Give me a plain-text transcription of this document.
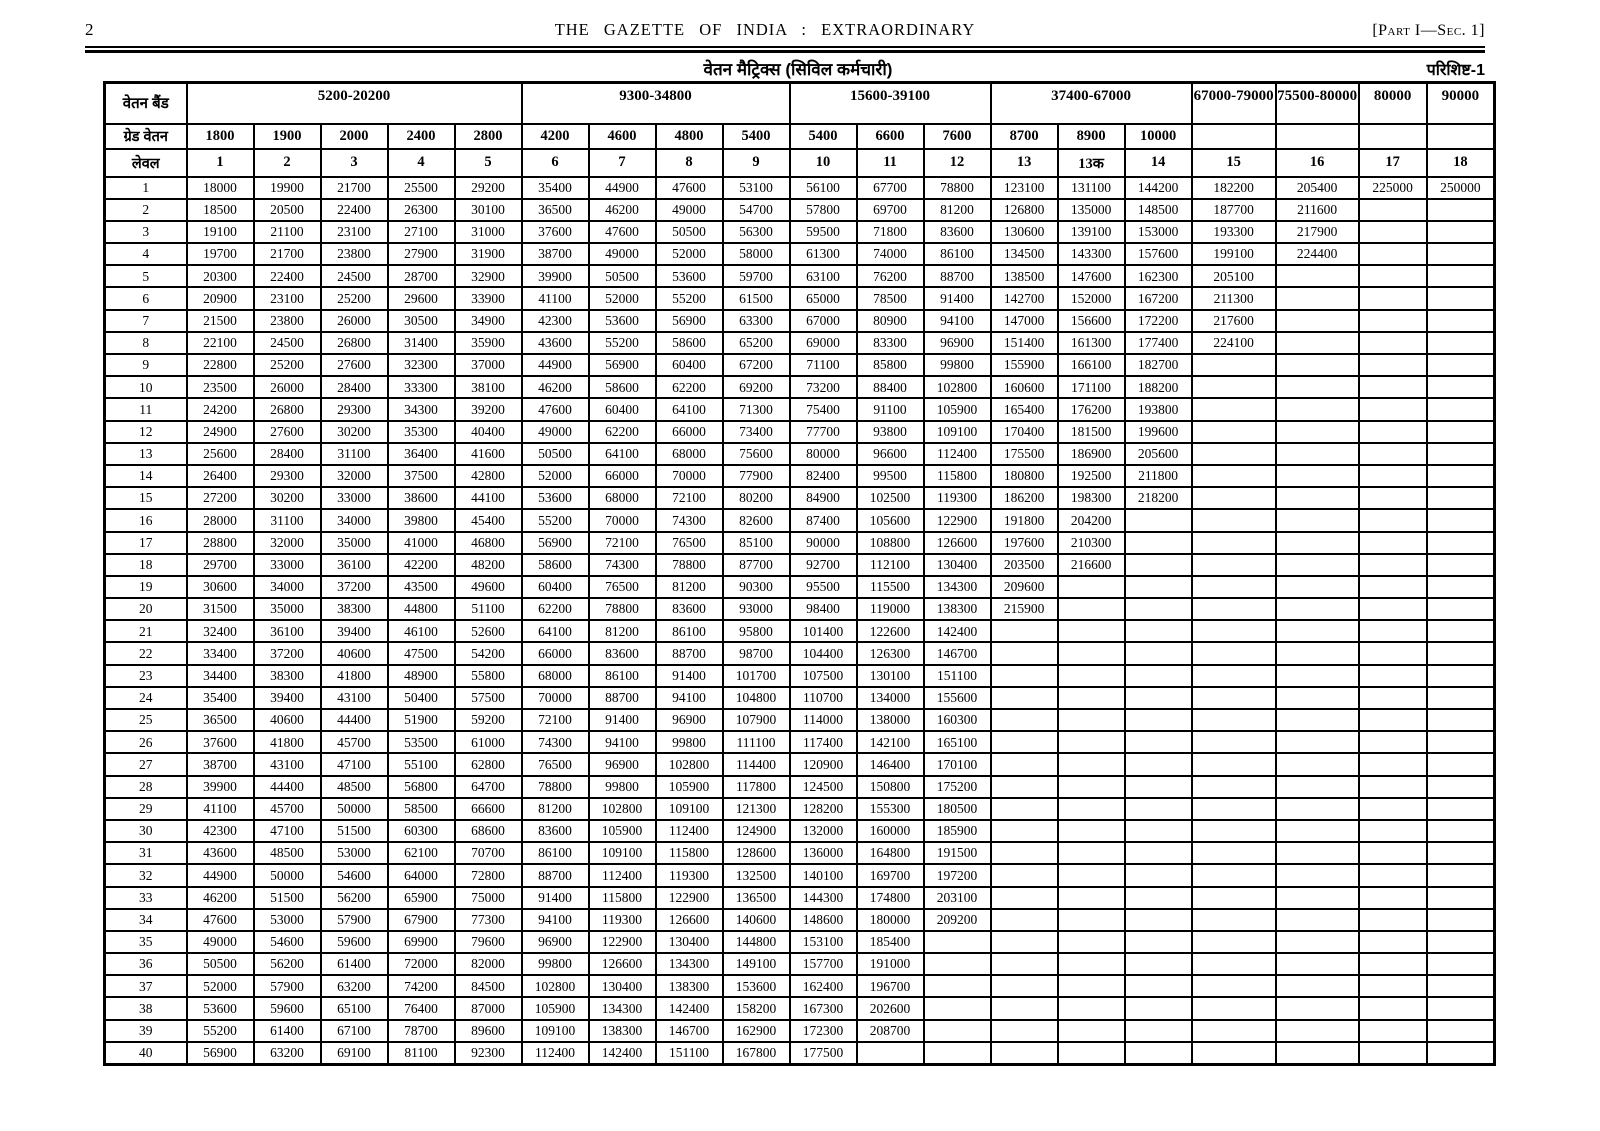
2	THE GAZETTE OF INDIA : EXTRAORDINARY	[Part I—Sec. 1]
वेतन मैट्रिक्स (सिविल कर्मचारी)	परिशिष्ट-1
वेतन बैंड	5200-20200					9300-34800				15600-39100			37400-67000			67000-79000	75500-80000	80000	90000
ग्रेड वेतन	1800	1900	2000	2400	2800	4200	4600	4800	5400	5400	6600	7600	8700	8900	10000				
लेवल	1	2	3	4	5	6	7	8	9	10	11	12	13	13क	14	15	16	17	18
1	18000	19900	21700	25500	29200	35400	44900	47600	53100	56100	67700	78800	123100	131100	144200	182200	205400	225000	250000
2	18500	20500	22400	26300	30100	36500	46200	49000	54700	57800	69700	81200	126800	135000	148500	187700	211600		
3	19100	21100	23100	27100	31000	37600	47600	50500	56300	59500	71800	83600	130600	139100	153000	193300	217900		
4	19700	21700	23800	27900	31900	38700	49000	52000	58000	61300	74000	86100	134500	143300	157600	199100	224400		
5	20300	22400	24500	28700	32900	39900	50500	53600	59700	63100	76200	88700	138500	147600	162300	205100			
6	20900	23100	25200	29600	33900	41100	52000	55200	61500	65000	78500	91400	142700	152000	167200	211300			
7	21500	23800	26000	30500	34900	42300	53600	56900	63300	67000	80900	94100	147000	156600	172200	217600			
8	22100	24500	26800	31400	35900	43600	55200	58600	65200	69000	83300	96900	151400	161300	177400	224100			
9	22800	25200	27600	32300	37000	44900	56900	60400	67200	71100	85800	99800	155900	166100	182700				
10	23500	26000	28400	33300	38100	46200	58600	62200	69200	73200	88400	102800	160600	171100	188200				
11	24200	26800	29300	34300	39200	47600	60400	64100	71300	75400	91100	105900	165400	176200	193800				
12	24900	27600	30200	35300	40400	49000	62200	66000	73400	77700	93800	109100	170400	181500	199600				
13	25600	28400	31100	36400	41600	50500	64100	68000	75600	80000	96600	112400	175500	186900	205600				
14	26400	29300	32000	37500	42800	52000	66000	70000	77900	82400	99500	115800	180800	192500	211800				
15	27200	30200	33000	38600	44100	53600	68000	72100	80200	84900	102500	119300	186200	198300	218200				
16	28000	31100	34000	39800	45400	55200	70000	74300	82600	87400	105600	122900	191800	204200					
17	28800	32000	35000	41000	46800	56900	72100	76500	85100	90000	108800	126600	197600	210300					
18	29700	33000	36100	42200	48200	58600	74300	78800	87700	92700	112100	130400	203500	216600					
19	30600	34000	37200	43500	49600	60400	76500	81200	90300	95500	115500	134300	209600						
20	31500	35000	38300	44800	51100	62200	78800	83600	93000	98400	119000	138300	215900						
21	32400	36100	39400	46100	52600	64100	81200	86100	95800	101400	122600	142400							
22	33400	37200	40600	47500	54200	66000	83600	88700	98700	104400	126300	146700							
23	34400	38300	41800	48900	55800	68000	86100	91400	101700	107500	130100	151100							
24	35400	39400	43100	50400	57500	70000	88700	94100	104800	110700	134000	155600							
25	36500	40600	44400	51900	59200	72100	91400	96900	107900	114000	138000	160300							
26	37600	41800	45700	53500	61000	74300	94100	99800	111100	117400	142100	165100							
27	38700	43100	47100	55100	62800	76500	96900	102800	114400	120900	146400	170100							
28	39900	44400	48500	56800	64700	78800	99800	105900	117800	124500	150800	175200							
29	41100	45700	50000	58500	66600	81200	102800	109100	121300	128200	155300	180500							
30	42300	47100	51500	60300	68600	83600	105900	112400	124900	132000	160000	185900							
31	43600	48500	53000	62100	70700	86100	109100	115800	128600	136000	164800	191500							
32	44900	50000	54600	64000	72800	88700	112400	119300	132500	140100	169700	197200							
33	46200	51500	56200	65900	75000	91400	115800	122900	136500	144300	174800	203100							
34	47600	53000	57900	67900	77300	94100	119300	126600	140600	148600	180000	209200							
35	49000	54600	59600	69900	79600	96900	122900	130400	144800	153100	185400								
36	50500	56200	61400	72000	82000	99800	126600	134300	149100	157700	191000								
37	52000	57900	63200	74200	84500	102800	130400	138300	153600	162400	196700								
38	53600	59600	65100	76400	87000	105900	134300	142400	158200	167300	202600								
39	55200	61400	67100	78700	89600	109100	138300	146700	162900	172300	208700								
40	56900	63200	69100	81100	92300	112400	142400	151100	167800	177500									
